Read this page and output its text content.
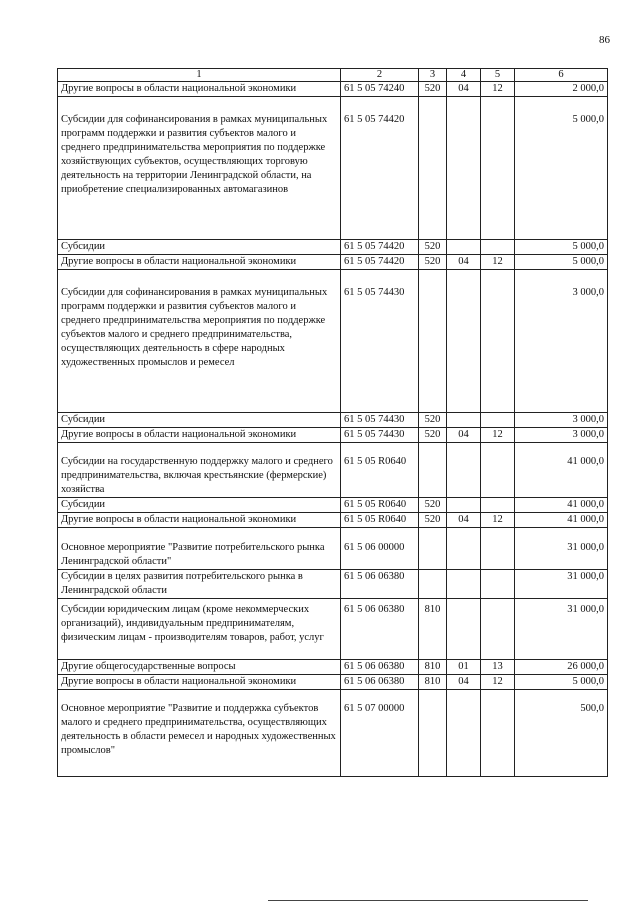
86
1	2	3	4	5	6
Другие вопросы в области национальной экономики	61 5 05 74240	520	04	12	2 000,0
Субсидии для софинансирования в рамках муниципальных программ поддержки и развития субъектов малого и среднего предпринимательства мероприятия по поддержке хозяйствующих субъектов, осуществляющих торговую деятельность на территории Ленинградской области, на приобретение специализированных автомагазинов	61 5 05 74420				5 000,0
Субсидии	61 5 05 74420	520			5 000,0
Другие вопросы в области национальной экономики	61 5 05 74420	520	04	12	5 000,0
Субсидии для софинансирования в рамках муниципальных программ поддержки и развития субъектов малого и среднего предпринимательства мероприятия по поддержке субъектов малого и среднего предпринимательства, осуществляющих деятельность в сфере народных художественных промыслов и ремесел	61 5 05 74430				3 000,0
Субсидии	61 5 05 74430	520			3 000,0
Другие вопросы в области национальной экономики	61 5 05 74430	520	04	12	3 000,0
Субсидии на государственную поддержку малого и среднего предпринимательства, включая крестьянские (фермерские) хозяйства	61 5 05 R0640				41 000,0
Субсидии	61 5 05 R0640	520			41 000,0
Другие вопросы в области национальной экономики	61 5 05 R0640	520	04	12	41 000,0
Основное мероприятие "Развитие потребительского рынка Ленинградской области"	61 5 06 00000				31 000,0
Субсидии в целях развития потребительского рынка в Ленинградской области	61 5 06 06380				31 000,0
Субсидии юридическим лицам (кроме некоммерческих организаций), индивидуальным предпринимателям, физическим лицам - производителям товаров, работ, услуг	61 5 06 06380	810			31 000,0
Другие общегосударственные вопросы	61 5 06 06380	810	01	13	26 000,0
Другие вопросы в области национальной экономики	61 5 06 06380	810	04	12	5 000,0
Основное мероприятие "Развитие и поддержка субъектов малого и среднего предпринимательства, осуществляющих деятельность в области ремесел и народных художественных промыслов"	61 5 07 00000				500,0
